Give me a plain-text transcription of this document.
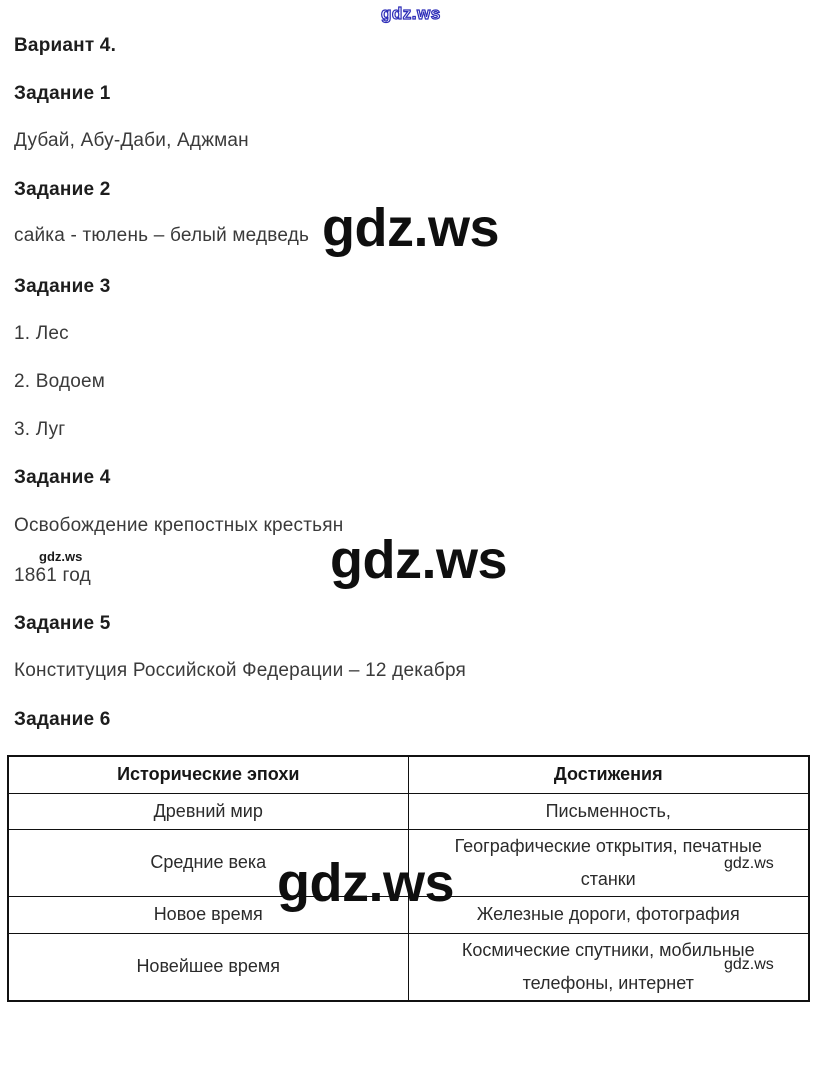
gdz.ws
Вариант 4.
Задание 1
Дубай, Абу-Даби, Аджман
Задание 2
сайка - тюлень – белый медведь gdz.ws
Задание 3
1. Лес
2. Водоем
3. Луг
Задание 4
Освобождение крепостных крестьян
gdz.ws
1861 год	gdz.ws
Задание 5
Конституция Российской Федерации – 12 декабря
Задание 6
Исторические эпохи	Достижения
Древний мир	Письменность,

Средние века	Географические открытия, печатные
станки

Новое время	Железные дороги, фотография

Новейшее время	Космические спутники, мобильные
телефоны, интернет
gdz.ws	gdz.ws
gdz.ws
